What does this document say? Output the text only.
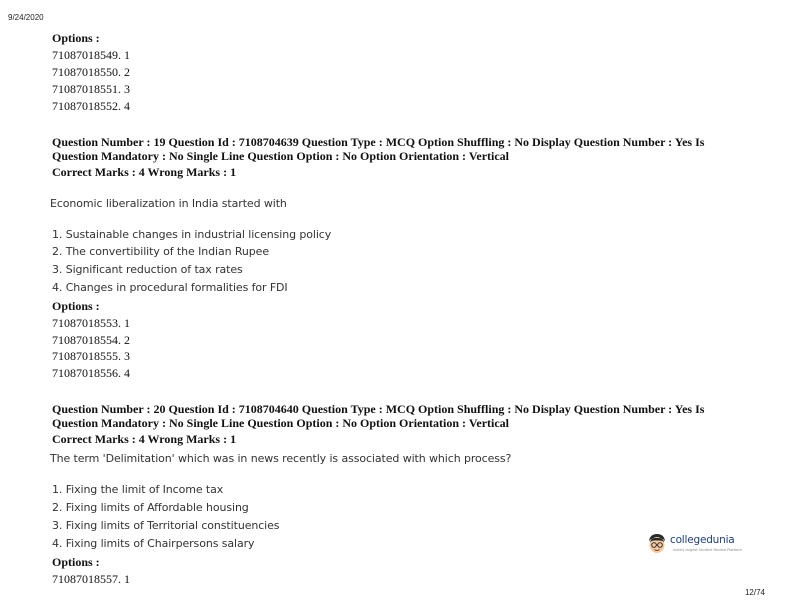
9/24/2020
Options :
71087018549. 1
71087018550. 2
71087018551. 3
71087018552. 4
Question Number : 19 Question Id : 7108704639 Question Type : MCQ Option Shuffling : No Display Question Number : Yes Is
Question Mandatory : No Single Line Question Option : No Option Orientation : Vertical
Correct Marks : 4 Wrong Marks : 1
Economic liberalization in India started with
1. Sustainable changes in industrial licensing policy
2. The convertibility of the Indian Rupee
3. Significant reduction of tax rates
4. Changes in procedural formalities for FDI
Options :
71087018553. 1
71087018554. 2
71087018555. 3
71087018556. 4
Question Number : 20 Question Id : 7108704640 Question Type : MCQ Option Shuffling : No Display Question Number : Yes Is
Question Mandatory : No Single Line Question Option : No Option Orientation : Vertical
Correct Marks : 4 Wrong Marks : 1
The term 'Delimitation' which was in news recently is associated with which process?
1. Fixing the limit of Income tax
2. Fixing limits of Affordable housing
3. Fixing limits of Territorial constituencies
4. Fixing limits of Chairpersons salary
Options :
71087018557. 1
collegedunia
India's largest Student Review Platform
12/74
